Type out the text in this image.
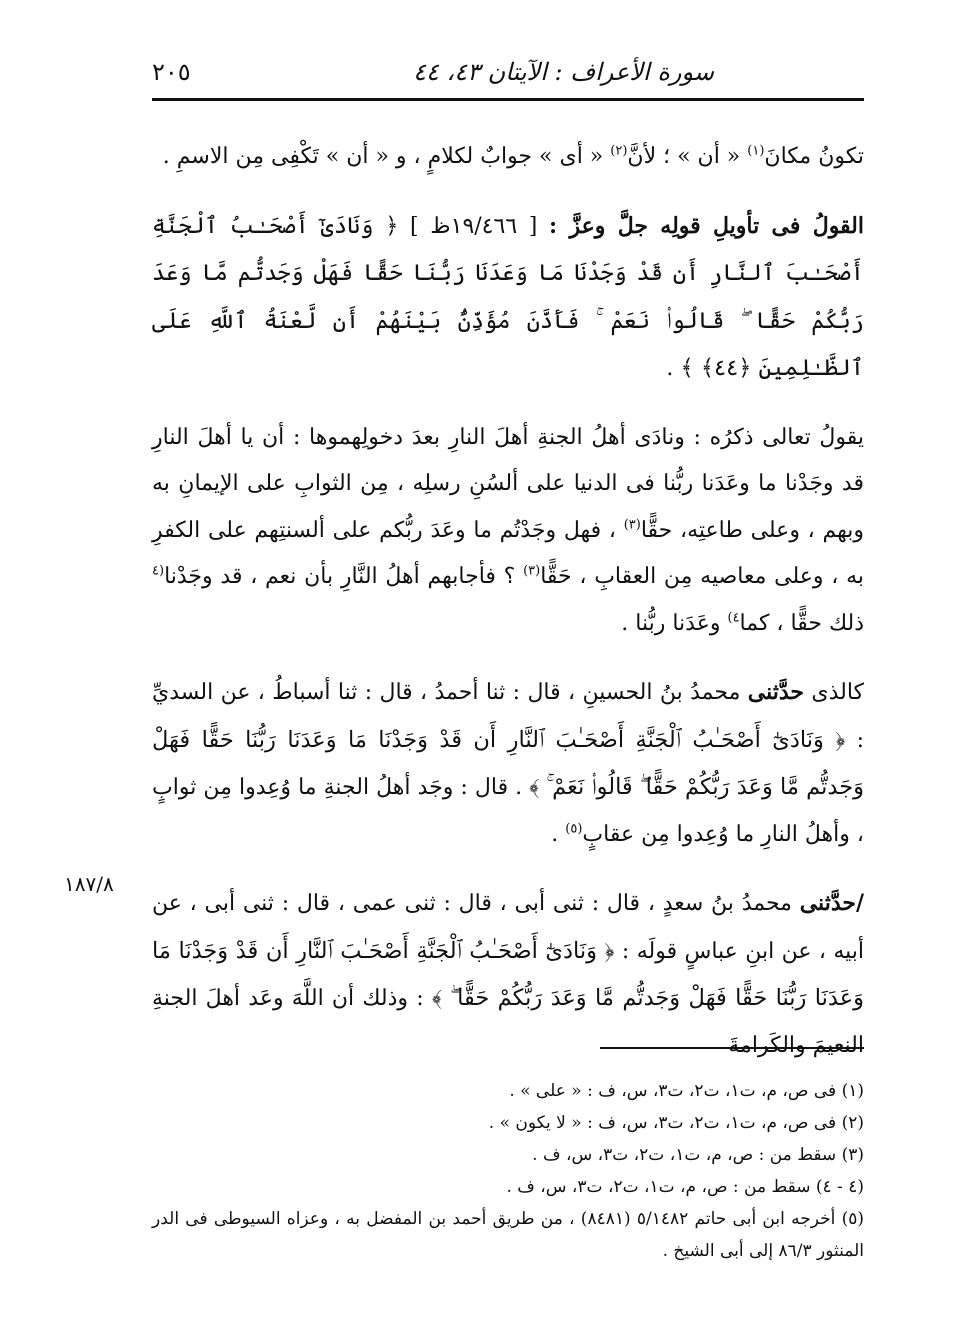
سورة الأعراف : الآيتان ٤٣، ٤٤
٢٠٥
١٨٧/٨

تكونُ مكانَ$^{(١)}$ « أن » ؛ لأنَّ$^{(٢)}$ « أى » جوابٌ لكلامٍ ، و « أن » تَكْفِى مِن الاسمِ .

القولُ فى تأويلِ قولِه جلَّ وعزَّ : [ ١٩/٤٦٦ظ ] ﴿ وَنَادَىٰٓ أَصْحَـٰبُ ٱلْجَنَّةِ أَصْحَـٰبَ ٱلنَّارِ أَن قَدْ وَجَدْنَا مَا وَعَدَنَا رَبُّنَا حَقًّا فَهَلْ وَجَدتُّم مَّا وَعَدَ رَبُّكُمْ حَقًّا ۖ قَالُوا۟ نَعَمْ ۚ فَأَذَّنَ مُؤَذِّنٌۢ بَيْنَهُمْ أَن لَّعْنَةُ ٱللَّهِ عَلَى ٱلظَّـٰلِمِينَ ﴿٤٤﴾ ﴾ .

يقولُ تعالى ذكرُه : ونادَى أهلُ الجنةِ أهلَ النارِ بعدَ دخولِهموها : أن يا أهلَ النارِ قد وجَدْنا ما وعَدَنا ربُّنا فى الدنيا على ألسُنِ رسلِه ، مِن الثوابِ على الإيمانِ به وبهم ، وعلى طاعتِه، حقًّا$^{(٣)}$ ، فهل وجَدْتُم ما وعَدَ ربُّكم على ألسنتِهم على الكفرِ به ، وعلى معاصيه مِن العقابِ ، حَقًّا$^{(٣)}$ ؟ فأجابهم أهلُ النَّارِ بأن نعم ، قد وجَدْنا$^{(٤}$ ذلك حقًّا ، كما$^{٤)}$ وعَدَنا ربُّنا .

كالذى حدَّثنى محمدُ بنُ الحسينِ ، قال : ثنا أحمدُ ، قال : ثنا أسباطُ ، عن السديِّ : ﴿ وَنَادَىٰٓ أَصْحَـٰبُ ٱلْجَنَّةِ أَصْحَـٰبَ ٱلنَّارِ أَن قَدْ وَجَدْنَا مَا وَعَدَنَا رَبُّنَا حَقًّا فَهَلْ وَجَدتُّم مَّا وَعَدَ رَبُّكُمْ حَقًّا ۖ قَالُوا۟ نَعَمْ ۚ ﴾ . قال : وجَد أهلُ الجنةِ ما وُعِدوا مِن ثوابٍ ، وأهلُ النارِ ما وُعِدوا مِن عقابٍ$^{(٥)}$ .

/حدَّثنى محمدُ بنُ سعدٍ ، قال : ثنى أبى ، قال : ثنى عمى ، قال : ثنى أبى ، عن أبيه ، عن ابنِ عباسٍ قولَه : ﴿ وَنَادَىٰٓ أَصْحَـٰبُ ٱلْجَنَّةِ أَصْحَـٰبَ ٱلنَّارِ أَن قَدْ وَجَدْنَا مَا وَعَدَنَا رَبُّنَا حَقًّا فَهَلْ وَجَدتُّم مَّا وَعَدَ رَبُّكُمْ حَقًّا ۖ ﴾ : وذلك أن اللَّهَ وعَد أهلَ الجنةِ النعيمَ والكَرامةَ

(١) فى ص، م، ت١، ت٢، ت٣، س، ف : « على » .

(٢) فى ص، م، ت١، ت٢، ت٣، س، ف : « لا يكون » .

(٣) سقط من : ص، م، ت١، ت٢، ت٣، س، ف .

(٤ - ٤) سقط من : ص، م، ت١، ت٢، ت٣، س، ف .

(٥) أخرجه ابن أبى حاتم ٥/١٤٨٢ (٨٤٨١) ، من طريق أحمد بن المفضل به ، وعزاه السيوطى فى الدر المنثور ٨٦/٣ إلى أبى الشيخ .
